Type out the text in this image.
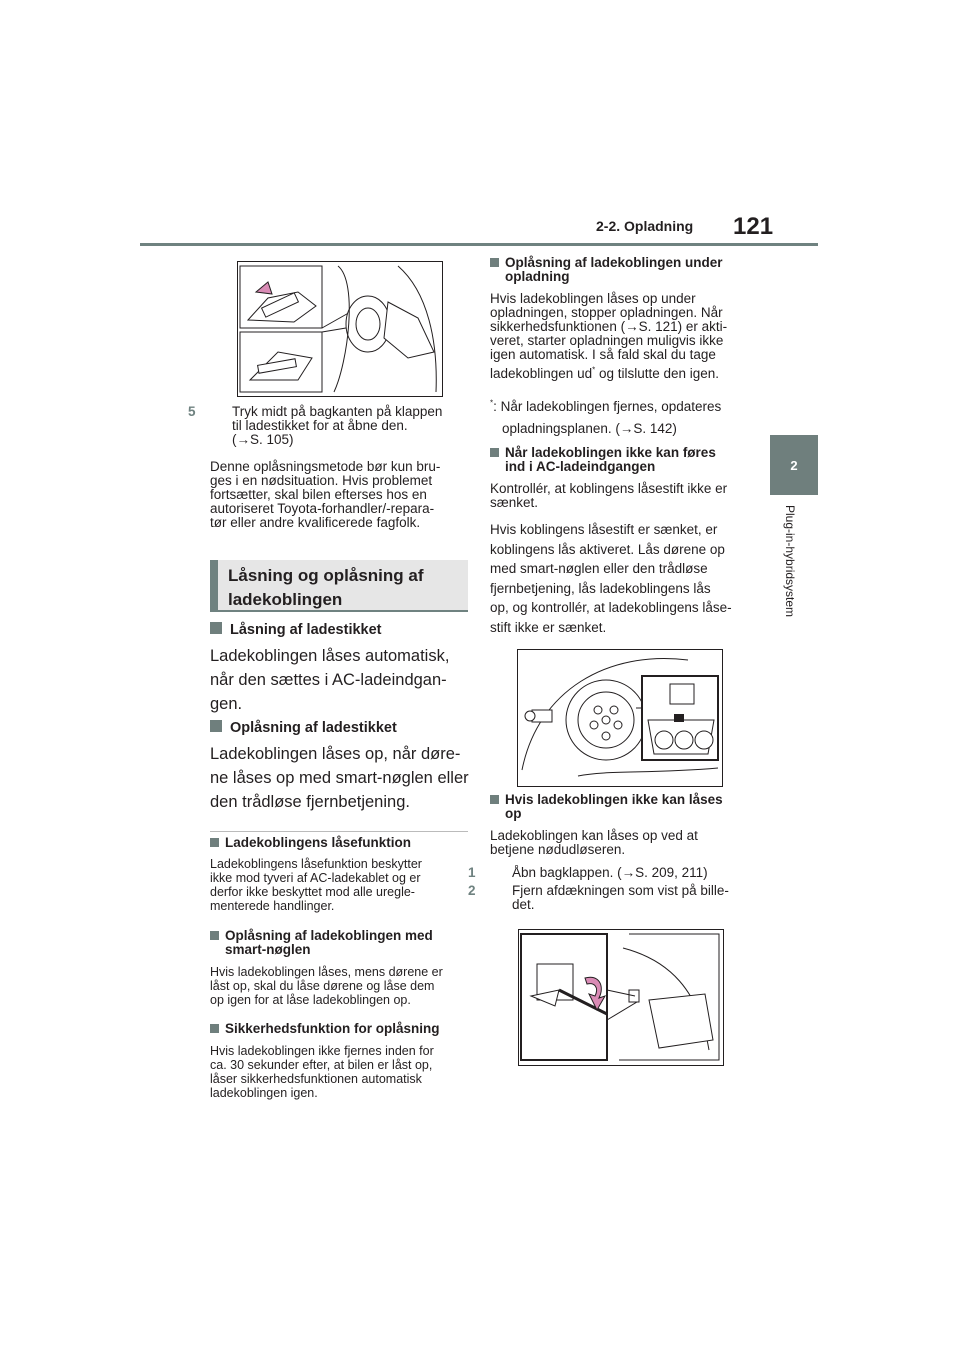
2-2. Opladning 121
2
Plug-in-hybridsystem
5	Tryk midt på bagkanten på klappen
til ladestikket for at åbne den.
(→S. 105)
Denne oplåsningsmetode bør kun bru-
ges i en nødsituation. Hvis problemet
fortsætter, skal bilen efterses hos en
autoriseret Toyota-forhandler/-repara-
tør eller andre kvalificerede fagfolk.
Låsning og oplåsning af
ladekoblingen
Låsning af ladestikket
Ladekoblingen låses automatisk,
når den sættes i AC-ladeindgan-
gen.
Oplåsning af ladestikket
Ladekoblingen låses op, når døre-
ne låses op med smart-nøglen eller
den trådløse fjernbetjening.
Ladekoblingens låsefunktion
Ladekoblingens låsefunktion beskytter
ikke mod tyveri af AC-ladekablet og er
derfor ikke beskyttet mod alle uregle-
menterede handlinger.
Oplåsning af ladekoblingen med
smart-nøglen
Hvis ladekoblingen låses, mens dørene er
låst op, skal du låse dørene og låse dem
op igen for at låse ladekoblingen op.
Sikkerhedsfunktion for oplåsning
Hvis ladekoblingen ikke fjernes inden for
ca. 30 sekunder efter, at bilen er låst op,
låser sikkerhedsfunktionen automatisk
ladekoblingen igen.
Oplåsning af ladekoblingen under
opladning
Hvis ladekoblingen låses op under
opladningen, stopper opladningen. Når
sikkerhedsfunktionen (→S. 121) er akti-
veret, starter opladningen muligvis ikke
igen automatisk. I så fald skal du tage
ladekoblingen ud* og tilslutte den igen.
*: Når ladekoblingen fjernes, opdateres
opladningsplanen. (→S. 142)
Når ladekoblingen ikke kan føres
ind i AC-ladeindgangen
Kontrollér, at koblingens låsestift ikke er
sænket.
Hvis koblingens låsestift er sænket, er
koblingens lås aktiveret. Lås dørene op
med smart-nøglen eller den trådløse
fjernbetjening, lås ladekoblingens lås
op, og kontrollér, at ladekoblingens låse-
stift ikke er sænket.
Hvis ladekoblingen ikke kan låses
op
Ladekoblingen kan låses op ved at
betjene nødudløseren.
1	Åbn bagklappen. (→S. 209, 211)
2	Fjern afdækningen som vist på bille-
det.
